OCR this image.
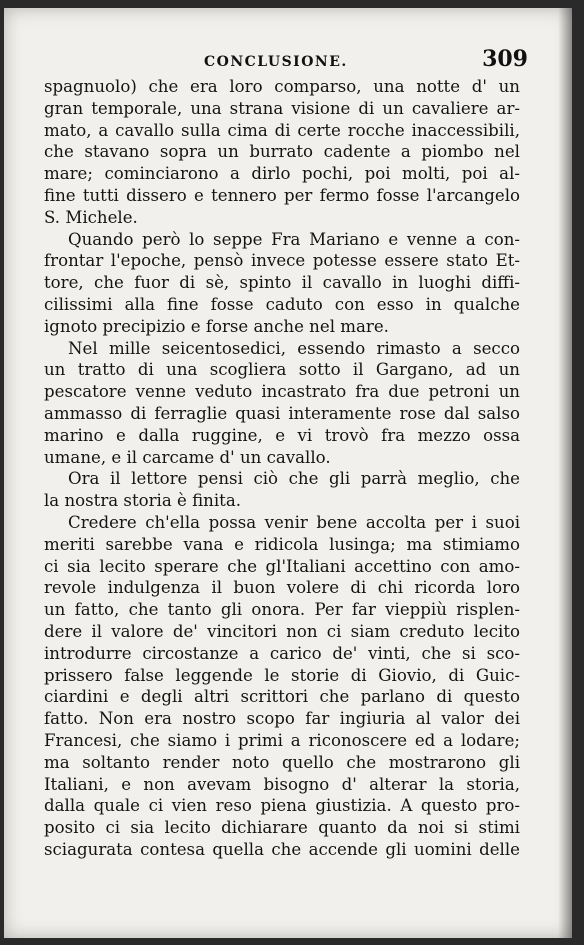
CONCLUSIONE.	309
spagnuolo) che era loro comparso, una notte d' un
gran temporale, una strana visione di un cavaliere ar-
mato, a cavallo sulla cima di certe rocche inaccessibili,
che stavano sopra un burrato cadente a piombo nel
mare; cominciarono a dirlo pochi, poi molti, poi al-
fine tutti dissero e tennero per fermo fosse l'arcangelo
S. Michele.
Quando però lo seppe Fra Mariano e venne a con-
frontar l'epoche, pensò invece potesse essere stato Et-
tore, che fuor di sè, spinto il cavallo in luoghi diffi-
cilissimi alla fine fosse caduto con esso in qualche
ignoto precipizio e forse anche nel mare.
Nel mille seicentosedici, essendo rimasto a secco
un tratto di una scogliera sotto il Gargano, ad un
pescatore venne veduto incastrato fra due petroni un
ammasso di ferraglie quasi interamente rose dal salso
marino e dalla ruggine, e vi trovò fra mezzo ossa
umane, e il carcame d' un cavallo.
Ora il lettore pensi ciò che gli parrà meglio, che
la nostra storia è finita.
Credere ch'ella possa venir bene accolta per i suoi
meriti sarebbe vana e ridicola lusinga; ma stimiamo
ci sia lecito sperare che gl'Italiani accettino con amo-
revole indulgenza il buon volere di chi ricorda loro
un fatto, che tanto gli onora. Per far vieppiù risplen-
dere il valore de' vincitori non ci siam creduto lecito
introdurre circostanze a carico de' vinti, che si sco-
prissero false leggende le storie di Giovio, di Guic-
ciardini e degli altri scrittori che parlano di questo
fatto. Non era nostro scopo far ingiuria al valor dei
Francesi, che siamo i primi a riconoscere ed a lodare;
ma soltanto render noto quello che mostrarono gli
Italiani, e non avevam bisogno d' alterar la storia,
dalla quale ci vien reso piena giustizia. A questo pro-
posito ci sia lecito dichiarare quanto da noi si stimi
sciagurata contesa quella che accende gli uomini delle
